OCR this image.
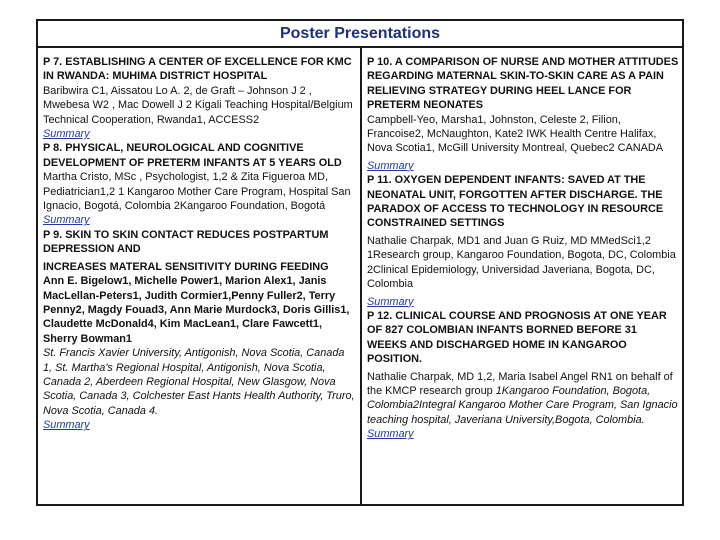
Poster Presentations
P 7. ESTABLISHING A CENTER OF EXCELLENCE FOR KMC IN RWANDA: MUHIMA DISTRICT HOSPITAL
Baribwira C1, Aissatou Lo A. 2, de Graft – Johnson J 2 , Mwebesa W2 , Mac Dowell J 2 Kigali Teaching Hospital/Belgium Technical Cooperation, Rwanda1, ACCESS2
Summary
P 8. PHYSICAL, NEUROLOGICAL AND COGNITIVE DEVELOPMENT OF PRETERM INFANTS AT 5 YEARS OLD
Martha Cristo, MSc , Psychologist, 1,2 & Zita Figueroa MD, Pediatrician1,2 1 Kangaroo Mother Care Program, Hospital San Ignacio, Bogotá, Colombia 2Kangaroo Foundation, Bogotá
Summary
P 9. SKIN TO SKIN CONTACT REDUCES POSTPARTUM DEPRESSION AND
INCREASES MATERAL SENSITIVITY DURING FEEDING
Ann E. Bigelow1, Michelle Power1, Marion Alex1, Janis MacLellan-Peters1, Judith Cormier1,Penny Fuller2, Terry Penny2, Magdy Fouad3, Ann Marie Murdock3, Doris Gillis1, Claudette McDonald4, Kim MacLean1, Clare Fawcett1, Sherry Bowman1
St. Francis Xavier University, Antigonish, Nova Scotia, Canada 1, St. Martha's Regional Hospital, Antigonish, Nova Scotia, Canada 2, Aberdeen Regional Hospital, New Glasgow, Nova Scotia, Canada 3, Colchester East Hants Health Authority, Truro, Nova Scotia, Canada 4.
Summary
P 10. A COMPARISON OF NURSE AND MOTHER ATTITUDES REGARDING MATERNAL SKIN-TO-SKIN CARE AS A PAIN RELIEVING STRATEGY DURING HEEL LANCE FOR PRETERM NEONATES
Campbell-Yeo, Marsha1, Johnston, Celeste 2, Filion, Francoise2, McNaughton, Kate2 IWK Health Centre Halifax, Nova Scotia1, McGill University Montreal, Quebec2 CANADA
Summary
P 11. OXYGEN DEPENDENT INFANTS: SAVED AT THE NEONATAL UNIT, FORGOTTEN AFTER DISCHARGE. THE PARADOX OF ACCESS TO TECHNOLOGY IN RESOURCE CONSTRAINED SETTINGS
Nathalie Charpak, MD1 and Juan G Ruiz, MD MMedSci1,2 1Research group, Kangaroo Foundation, Bogota, DC, Colombia 2Clinical Epidemiology, Universidad Javeriana, Bogota, DC, Colombia
Summary
P 12. CLINICAL COURSE AND PROGNOSIS AT ONE YEAR OF 827 COLOMBIAN INFANTS BORNED BEFORE 31 WEEKS AND DISCHARGED HOME IN KANGAROO POSITION.
Nathalie Charpak, MD 1,2, Maria Isabel Angel RN1 on behalf of the KMCP research group 1Kangaroo Foundation, Bogota, Colombia2Integral Kangaroo Mother Care Program, San Ignacio teaching hospital, Javeriana University,Bogota, Colombia.
Summary
